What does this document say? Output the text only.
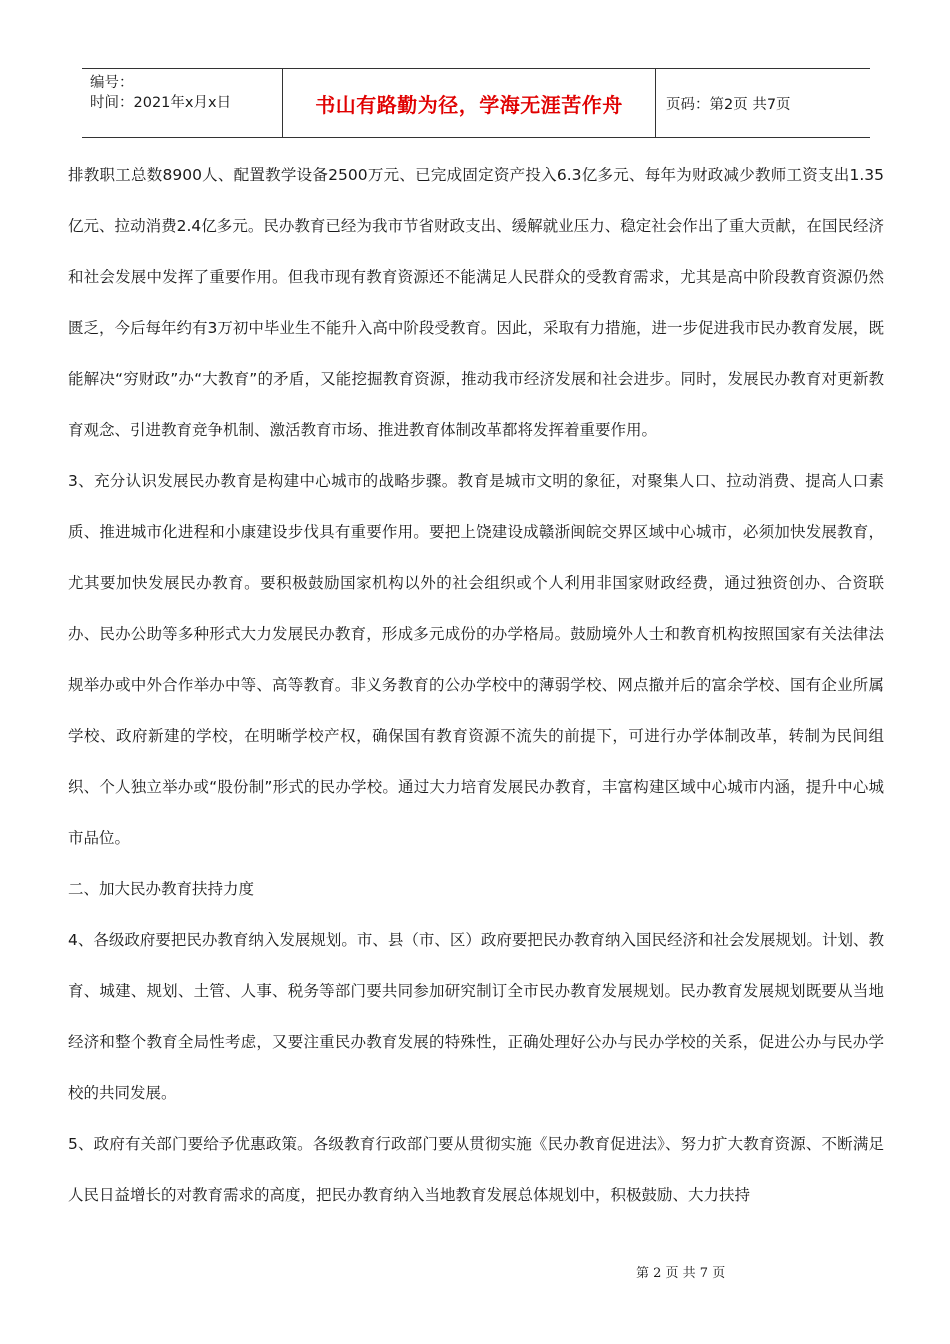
编号：
时间：2021年x月x日	书山有路勤为径，学海无涯苦作舟	页码：第2页 共7页

排教职工总数8900人、配置教学设备2500万元、已完成固定资产投入6.3亿多元、每年为财政减少教师工资支出1.35亿元、拉动消费2.4亿多元。民办教育已经为我市节省财政支出、缓解就业压力、稳定社会作出了重大贡献，在国民经济和社会发展中发挥了重要作用。但我市现有教育资源还不能满足人民群众的受教育需求，尤其是高中阶段教育资源仍然匮乏，今后每年约有3万初中毕业生不能升入高中阶段受教育。因此，采取有力措施，进一步促进我市民办教育发展，既能解决“穷财政”办“大教育”的矛盾，又能挖掘教育资源，推动我市经济发展和社会进步。同时，发展民办教育对更新教育观念、引进教育竞争机制、激活教育市场、推进教育体制改革都将发挥着重要作用。

3、充分认识发展民办教育是构建中心城市的战略步骤。教育是城市文明的象征，对聚集人口、拉动消费、提高人口素质、推进城市化进程和小康建设步伐具有重要作用。要把上饶建设成赣浙闽皖交界区域中心城市，必须加快发展教育，尤其要加快发展民办教育。要积极鼓励国家机构以外的社会组织或个人利用非国家财政经费，通过独资创办、合资联办、民办公助等多种形式大力发展民办教育，形成多元成份的办学格局。鼓励境外人士和教育机构按照国家有关法律法规举办或中外合作举办中等、高等教育。非义务教育的公办学校中的薄弱学校、网点撤并后的富余学校、国有企业所属学校、政府新建的学校，在明晰学校产权，确保国有教育资源不流失的前提下，可进行办学体制改革，转制为民间组织、个人独立举办或“股份制”形式的民办学校。通过大力培育发展民办教育，丰富构建区域中心城市内涵，提升中心城市品位。

二、加大民办教育扶持力度

4、各级政府要把民办教育纳入发展规划。市、县（市、区）政府要把民办教育纳入国民经济和社会发展规划。计划、教育、城建、规划、土管、人事、税务等部门要共同参加研究制订全市民办教育发展规划。民办教育发展规划既要从当地经济和整个教育全局性考虑，又要注重民办教育发展的特殊性，正确处理好公办与民办学校的关系，促进公办与民办学校的共同发展。

5、政府有关部门要给予优惠政策。各级教育行政部门要从贯彻实施《民办教育促进法》、努力扩大教育资源、不断满足人民日益增长的对教育需求的高度，把民办教育纳入当地教育发展总体规划中，积极鼓励、大力扶持

第 2 页 共 7 页
